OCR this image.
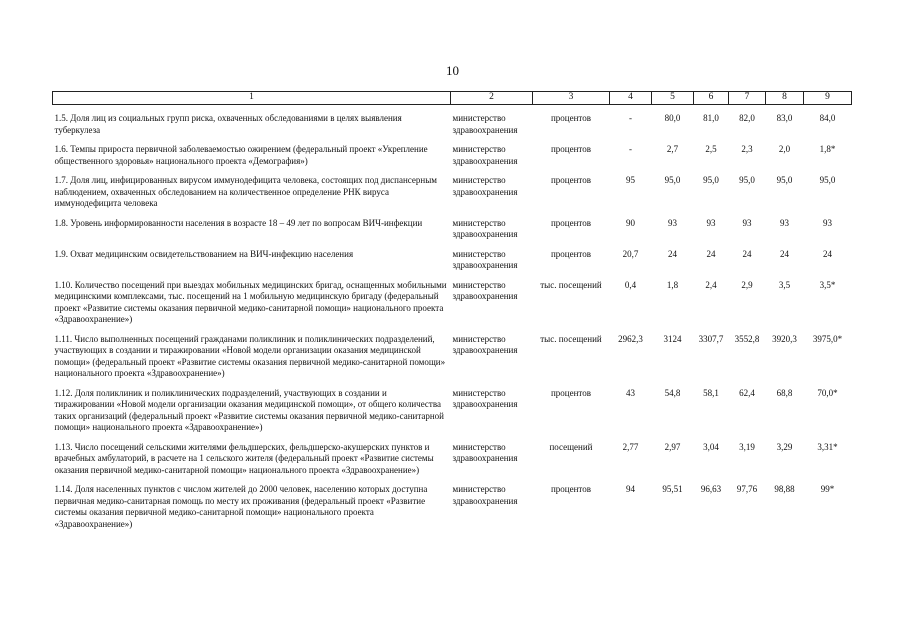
10
1	2	3	4	5	6	7	8	9

1.5. Доля лиц из социальных групп риска, охваченных обследованиями в целях выявления туберкулеза	министерство здравоохранения	процентов	-	80,0	81,0	82,0	83,0	84,0

1.6. Темпы прироста первичной заболеваемостью ожирением (федеральный проект «Укрепление общественного здоровья» национального проекта «Демография»)	министерство здравоохранения	процентов	-	2,7	2,5	2,3	2,0	1,8*

1.7. Доля лиц, инфицированных вирусом иммунодефицита человека, состоящих под диспансерным наблюдением, охваченных обследованием на количественное определение РНК вируса иммунодефицита человека	министерство здравоохранения	процентов	95	95,0	95,0	95,0	95,0	95,0

1.8. Уровень информированности населения в возрасте 18 – 49 лет по вопросам ВИЧ-инфекции	министерство здравоохранения	процентов	90	93	93	93	93	93

1.9. Охват медицинским освидетельствованием на ВИЧ-инфекцию населения	министерство здравоохранения	процентов	20,7	24	24	24	24	24

1.10. Количество посещений при выездах мобильных медицинских бригад, оснащенных мобильными медицинскими комплексами, тыс. посещений на 1 мобильную медицинскую бригаду (федеральный проект «Развитие системы оказания первичной медико-санитарной помощи» национального проекта «Здравоохранение»)	министерство здравоохранения	тыс. посещений	0,4	1,8	2,4	2,9	3,5	3,5*

1.11. Число выполненных посещений гражданами поликлиник и поликлинических подразделений, участвующих в создании и тиражировании «Новой модели организации оказания медицинской помощи» (федеральный проект «Развитие системы оказания первичной медико-санитарной помощи» национального проекта «Здравоохранение»)	министерство здравоохранения	тыс. посещений	2962,3	3124	3307,7	3552,8	3920,3	3975,0*

1.12. Доля поликлиник и поликлинических подразделений, участвующих в создании и тиражировании «Новой модели организации оказания медицинской помощи», от общего количества таких организаций (федеральный проект «Развитие системы оказания первичной медико-санитарной помощи» национального проекта «Здравоохранение»)	министерство здравоохранения	процентов	43	54,8	58,1	62,4	68,8	70,0*

1.13. Число посещений сельскими жителями фельдшерских, фельдшерско-акушерских пунктов и врачебных амбулаторий, в расчете на 1 сельского жителя (федеральный проект «Развитие системы оказания первичной медико-санитарной помощи» национального проекта «Здравоохранение»)	министерство здравоохранения	посещений	2,77	2,97	3,04	3,19	3,29	3,31*

1.14. Доля населенных пунктов с числом жителей до 2000 человек, населению которых доступна первичная медико-санитарная помощь по месту их проживания (федеральный проект «Развитие системы оказания первичной медико-санитарной помощи» национального проекта «Здравоохранение»)	министерство здравоохранения	процентов	94	95,51	96,63	97,76	98,88	99*
